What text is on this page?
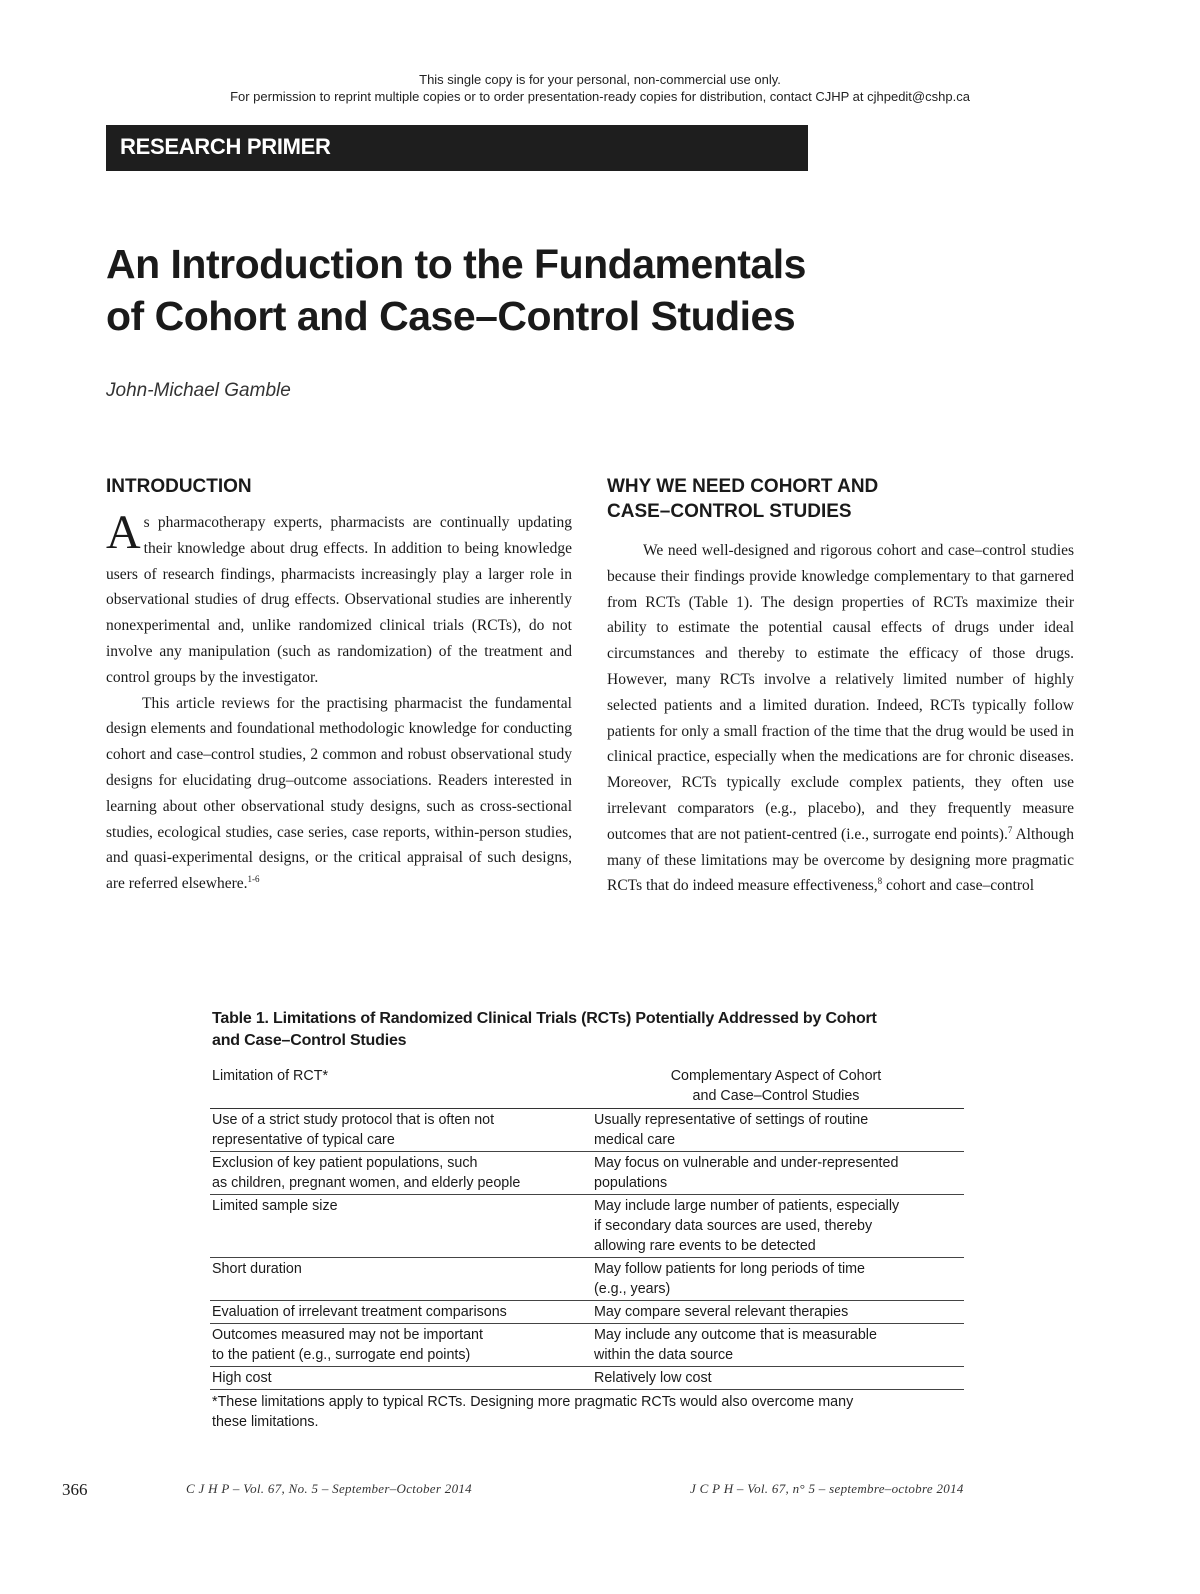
This single copy is for your personal, non-commercial use only.
For permission to reprint multiple copies or to order presentation-ready copies for distribution, contact CJHP at cjhpedit@cshp.ca
RESEARCH PRIMER
An Introduction to the Fundamentals
of Cohort and Case–Control Studies
John-Michael Gamble
INTRODUCTION

As pharmacotherapy experts, pharmacists are continually updating their knowledge about drug effects. In addition to being knowledge users of research findings, pharmacists increasingly play a larger role in observational studies of drug effects. Observational studies are inherently nonexperimental and, unlike randomized clinical trials (RCTs), do not involve any manipulation (such as randomization) of the treatment and control groups by the investigator.

This article reviews for the practising pharmacist the fundamental design elements and foundational methodologic knowledge for conducting cohort and case–control studies, 2 common and robust observational study designs for elucidating drug–outcome associations. Readers interested in learning about other observational study designs, such as cross-sectional studies, ecological studies, case series, case reports, within-person studies, and quasi-experimental designs, or the critical appraisal of such designs, are referred elsewhere.$^{1-6}$

WHY WE NEED COHORT AND
CASE–CONTROL STUDIES

We need well-designed and rigorous cohort and case–control studies because their findings provide knowledge complementary to that garnered from RCTs (Table 1). The design properties of RCTs maximize their ability to estimate the potential causal effects of drugs under ideal circumstances and thereby to estimate the efficacy of those drugs. However, many RCTs involve a relatively limited number of highly selected patients and a limited duration. Indeed, RCTs typically follow patients for only a small fraction of the time that the drug would be used in clinical practice, especially when the medications are for chronic diseases. Moreover, RCTs typically exclude complex patients, they often use irrelevant comparators (e.g., placebo), and they frequently measure outcomes that are not patient-centred (i.e., surrogate end points).$^7$ Although many of these limitations may be overcome by designing more pragmatic RCTs that do indeed measure effectiveness,$^8$ cohort and case–control

Table 1. Limitations of Randomized Clinical Trials (RCTs) Potentially Addressed by Cohort
and Case–Control Studies
Limitation of RCT*	Complementary Aspect of Cohort
and Case–Control Studies

Use of a strict study protocol that is often not
representative of typical care	Usually representative of settings of routine
medical care

Exclusion of key patient populations, such
as children, pregnant women, and elderly people	May focus on vulnerable and under-represented
populations

Limited sample size	May include large number of patients, especially
if secondary data sources are used, thereby
allowing rare events to be detected

Short duration	May follow patients for long periods of time
(e.g., years)

Evaluation of irrelevant treatment comparisons	May compare several relevant therapies

Outcomes measured may not be important
to the patient (e.g., surrogate end points)	May include any outcome that is measurable
within the data source

High cost	Relatively low cost
*These limitations apply to typical RCTs. Designing more pragmatic RCTs would also overcome many
these limitations.
366	C J H P – Vol. 67, No. 5 – September–October 2014	J C P H – Vol. 67, n° 5 – septembre–octobre 2014
